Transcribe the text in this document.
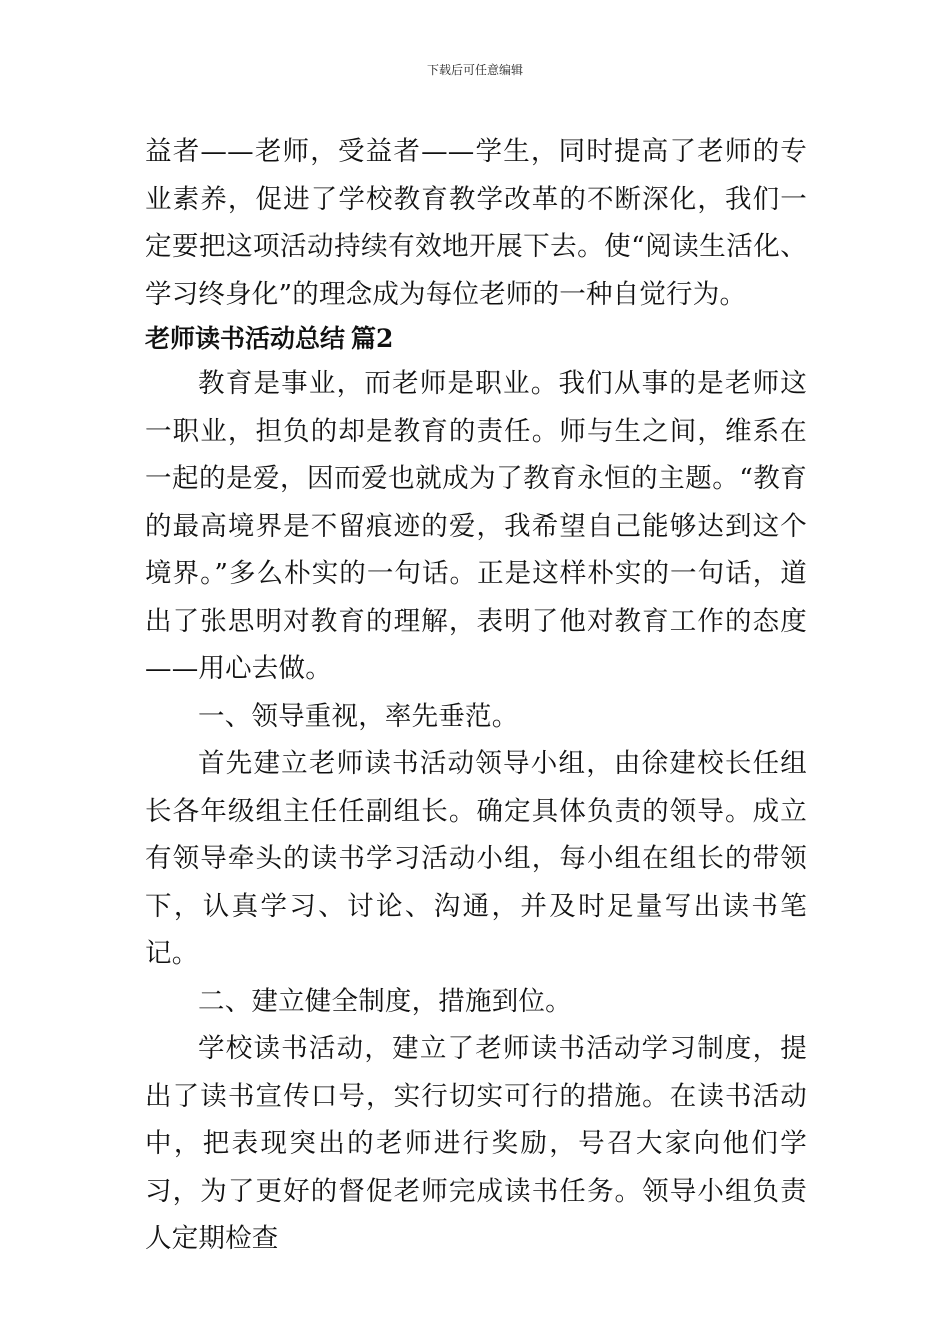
下载后可任意编辑

益者——老师，受益者——学生，同时提高了老师的专业素养，促进了学校教育教学改革的不断深化，我们一定要把这项活动持续有效地开展下去。使“阅读生活化、学习终身化”的理念成为每位老师的一种自觉行为。

老师读书活动总结 篇2

教育是事业，而老师是职业。我们从事的是老师这一职业，担负的却是教育的责任。师与生之间，维系在一起的是爱，因而爱也就成为了教育永恒的主题。“教育的最高境界是不留痕迹的爱，我希望自己能够达到这个境界。”多么朴实的一句话。正是这样朴实的一句话，道出了张思明对教育的理解，表明了他对教育工作的态度——用心去做。

一、领导重视，率先垂范。

首先建立老师读书活动领导小组，由徐建校长任组长各年级组主任任副组长。确定具体负责的领导。成立有领导牵头的读书学习活动小组，每小组在组长的带领下，认真学习、讨论、沟通，并及时足量写出读书笔记。

二、建立健全制度，措施到位。

学校读书活动，建立了老师读书活动学习制度，提出了读书宣传口号，实行切实可行的措施。在读书活动中，把表现突出的老师进行奖励，号召大家向他们学习，为了更好的督促老师完成读书任务。领导小组负责人定期检查
